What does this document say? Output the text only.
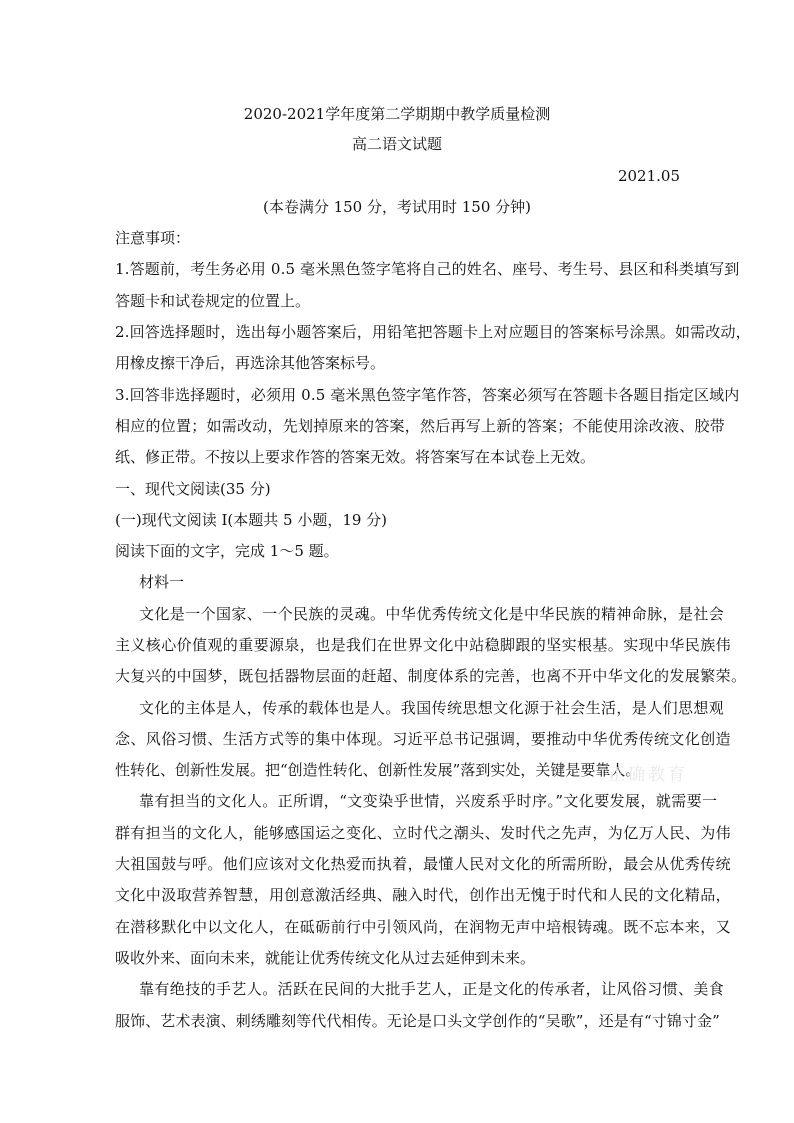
2020-2021学年度第二学期期中教学质量检测
高二语文试题
2021.05
(本卷满分 150 分，考试用时 150 分钟)
注意事项：
1.答题前，考生务必用 0.5 毫米黑色签字笔将自己的姓名、座号、考生号、县区和科类填写到
答题卡和试卷规定的位置上。
2.回答选择题时，选出每小题答案后，用铅笔把答题卡上对应题目的答案标号涂黑。如需改动，
用橡皮擦干净后，再选涂其他答案标号。
3.回答非选择题时，必须用 0.5 毫米黑色签字笔作答，答案必须写在答题卡各题目指定区域内
相应的位置；如需改动，先划掉原来的答案，然后再写上新的答案；不能使用涂改液、胶带
纸、修正带。不按以上要求作答的答案无效。将答案写在本试卷上无效。
一、现代文阅读(35 分)
(一)现代文阅读 I(本题共 5 小题，19 分)
阅读下面的文字，完成 1～5 题。
材料一
文化是一个国家、一个民族的灵魂。中华优秀传统文化是中华民族的精神命脉，是社会
主义核心价值观的重要源泉，也是我们在世界文化中站稳脚跟的坚实根基。实现中华民族伟
大复兴的中国梦，既包括器物层面的赶超、制度体系的完善，也离不开中华文化的发展繁荣。
文化的主体是人，传承的载体也是人。我国传统思想文化源于社会生活，是人们思想观
念、风俗习惯、生活方式等的集中体现。习近平总书记强调，要推动中华优秀传统文化创造
性转化、创新性发展。把“创造性转化、创新性发展”落到实处，关键是要靠人。
靠有担当的文化人。正所谓，“文变染乎世情，兴废系乎时序。”文化要发展，就需要一
群有担当的文化人，能够感国运之变化、立时代之潮头、发时代之先声，为亿万人民、为伟
大祖国鼓与呼。他们应该对文化热爱而执着，最懂人民对文化的所需所盼，最会从优秀传统
文化中汲取营养智慧，用创意激活经典、融入时代，创作出无愧于时代和人民的文化精品，
在潜移默化中以文化人，在砥砺前行中引领风尚，在润物无声中培根铸魂。既不忘本来，又
吸收外来、面向未来，就能让优秀传统文化从过去延伸到未来。
靠有绝技的手艺人。活跃在民间的大批手艺人，正是文化的传承者，让风俗习惯、美食
服饰、艺术表演、刺绣雕刻等代代相传。无论是口头文学创作的“吴歌”，还是有“寸锦寸金”
正确教育
